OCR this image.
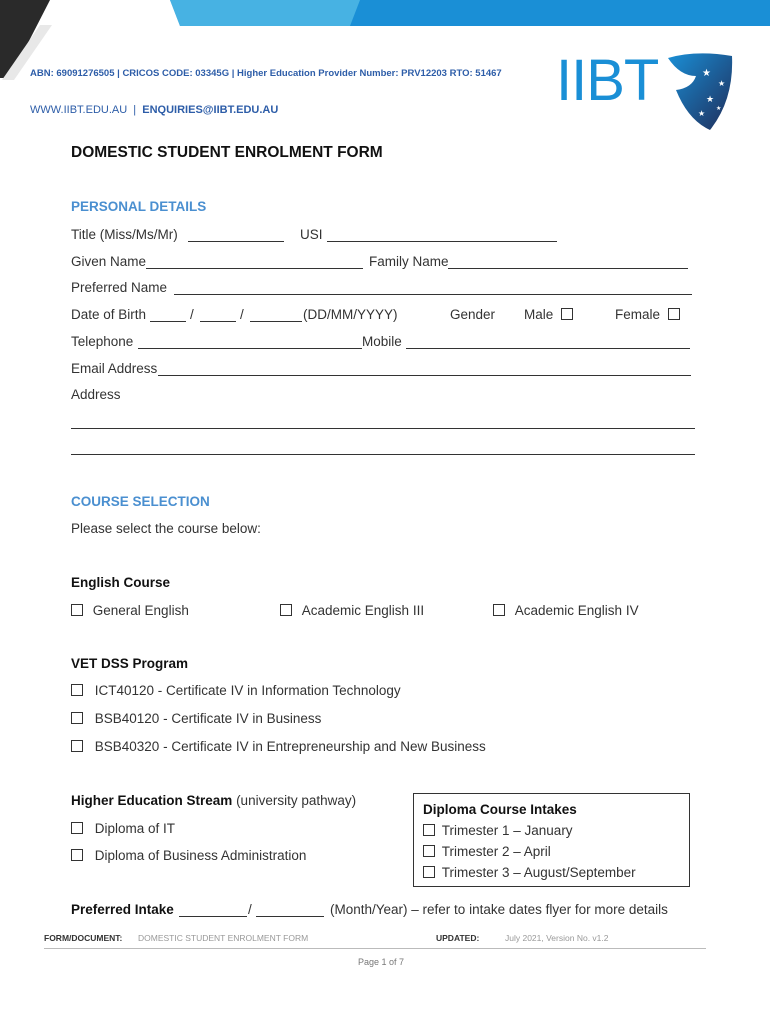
ABN: 69091276505 | CRICOS CODE: 03345G | Higher Education Provider Number: PRV12203 RTO: 51467
WWW.IIBT.EDU.AU | ENQUIRIES@IIBT.EDU.AU	IIBT	★
★
★
★
★
DOMESTIC STUDENT ENROLMENT FORM
PERSONAL DETAILS
Title (Miss/Ms/Mr)	USI
Given Name	Family Name
Preferred Name
Date of Birth	/	/	(DD/MM/YYYY)	Gender Male	Female
Telephone	Mobile
Email Address
Address
COURSE SELECTION
Please select the course below:
English Course
General English	Academic English III	Academic English IV
VET DSS Program
ICT40120 - Certificate IV in Information Technology
BSB40120 - Certificate IV in Business
BSB40320 - Certificate IV in Entrepreneurship and New Business
Higher Education Stream (university pathway)
Diploma of IT
Diploma of Business Administration
Diploma Course Intakes
Trimester 1 – January
Trimester 2 – April
Trimester 3 – August/September
Preferred Intake	/	(Month/Year) – refer to intake dates flyer for more details
FORM/DOCUMENT: DOMESTIC STUDENT ENROLMENT FORM	UPDATED:	July 2021, Version No. v1.2
Page 1 of 7
